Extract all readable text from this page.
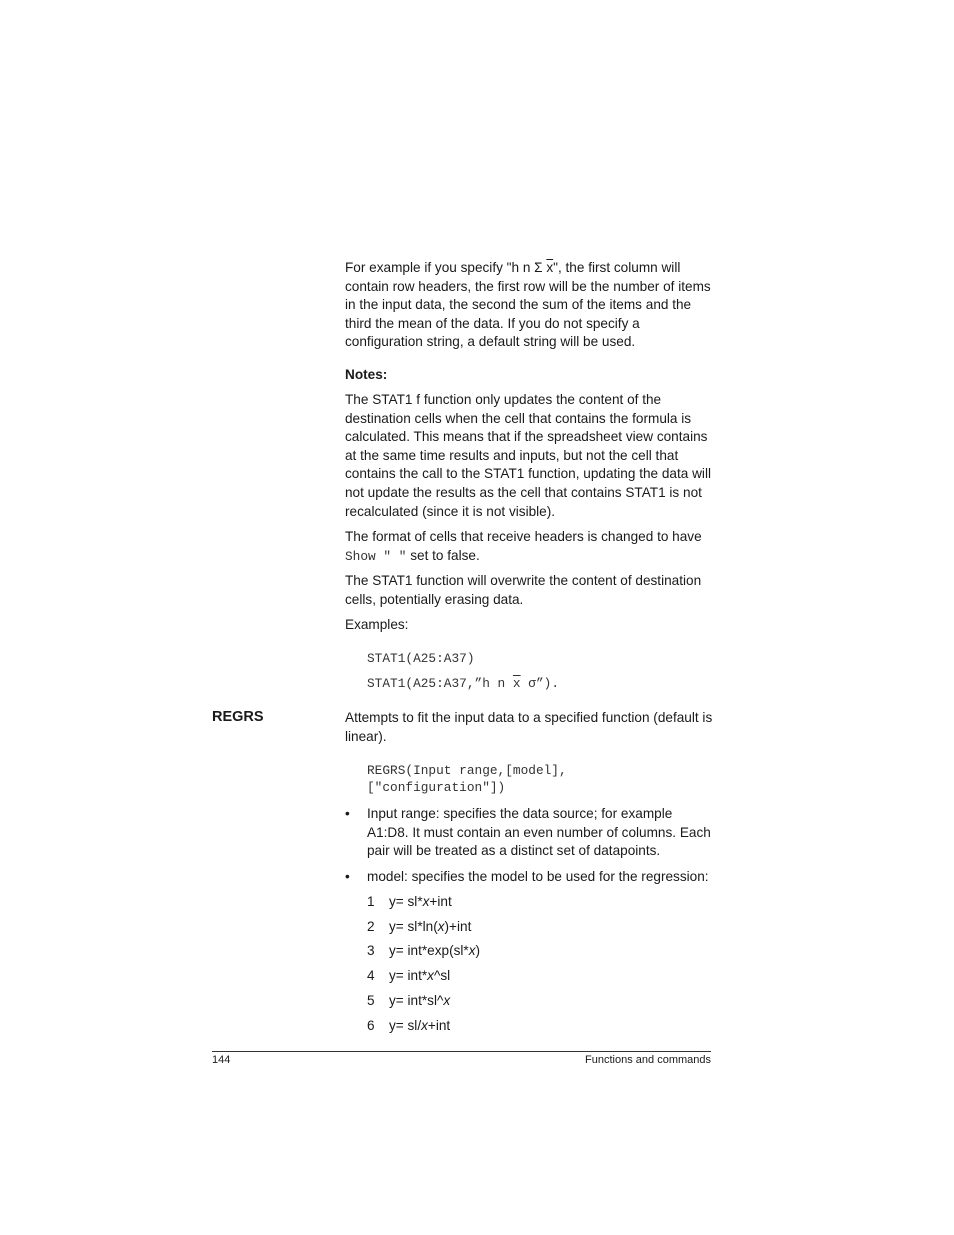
For example if you specify "h n Σ $\overline{x}$", the first column will contain row headers, the first row will be the number of items in the input data, the second the sum of the items and the third the mean of the data. If you do not specify a configuration string, a default string will be used.

Notes:
The STAT1 f function only updates the content of the destination cells when the cell that contains the formula is calculated. This means that if the spreadsheet view contains at the same time results and inputs, but not the cell that contains the call to the STAT1 function, updating the data will not update the results as the cell that contains STAT1 is not recalculated (since it is not visible).
The format of cells that receive headers is changed to have
Show " " set to false.
The STAT1 function will overwrite the content of destination cells, potentially erasing data.
Examples:
STAT1(A25:A37)
STAT1(A25:A37,”h n $\overline{x}$ σ”).
REGRS	Attempts to fit the input data to a specified function (default is linear).
REGRS(Input range,[model],
["configuration"])
• Input range: specifies the data source; for example A1:D8. It must contain an even number of columns. Each pair will be treated as a distinct set of datapoints.
• model: specifies the model to be used for the regression:
1 y= sl*x+int
2 y= sl*ln(x)+int
3 y= int*exp(sl*x)
4 y= int*x^sl
5 y= int*sl^x
6 y= sl/x+int
144	Functions and commands
